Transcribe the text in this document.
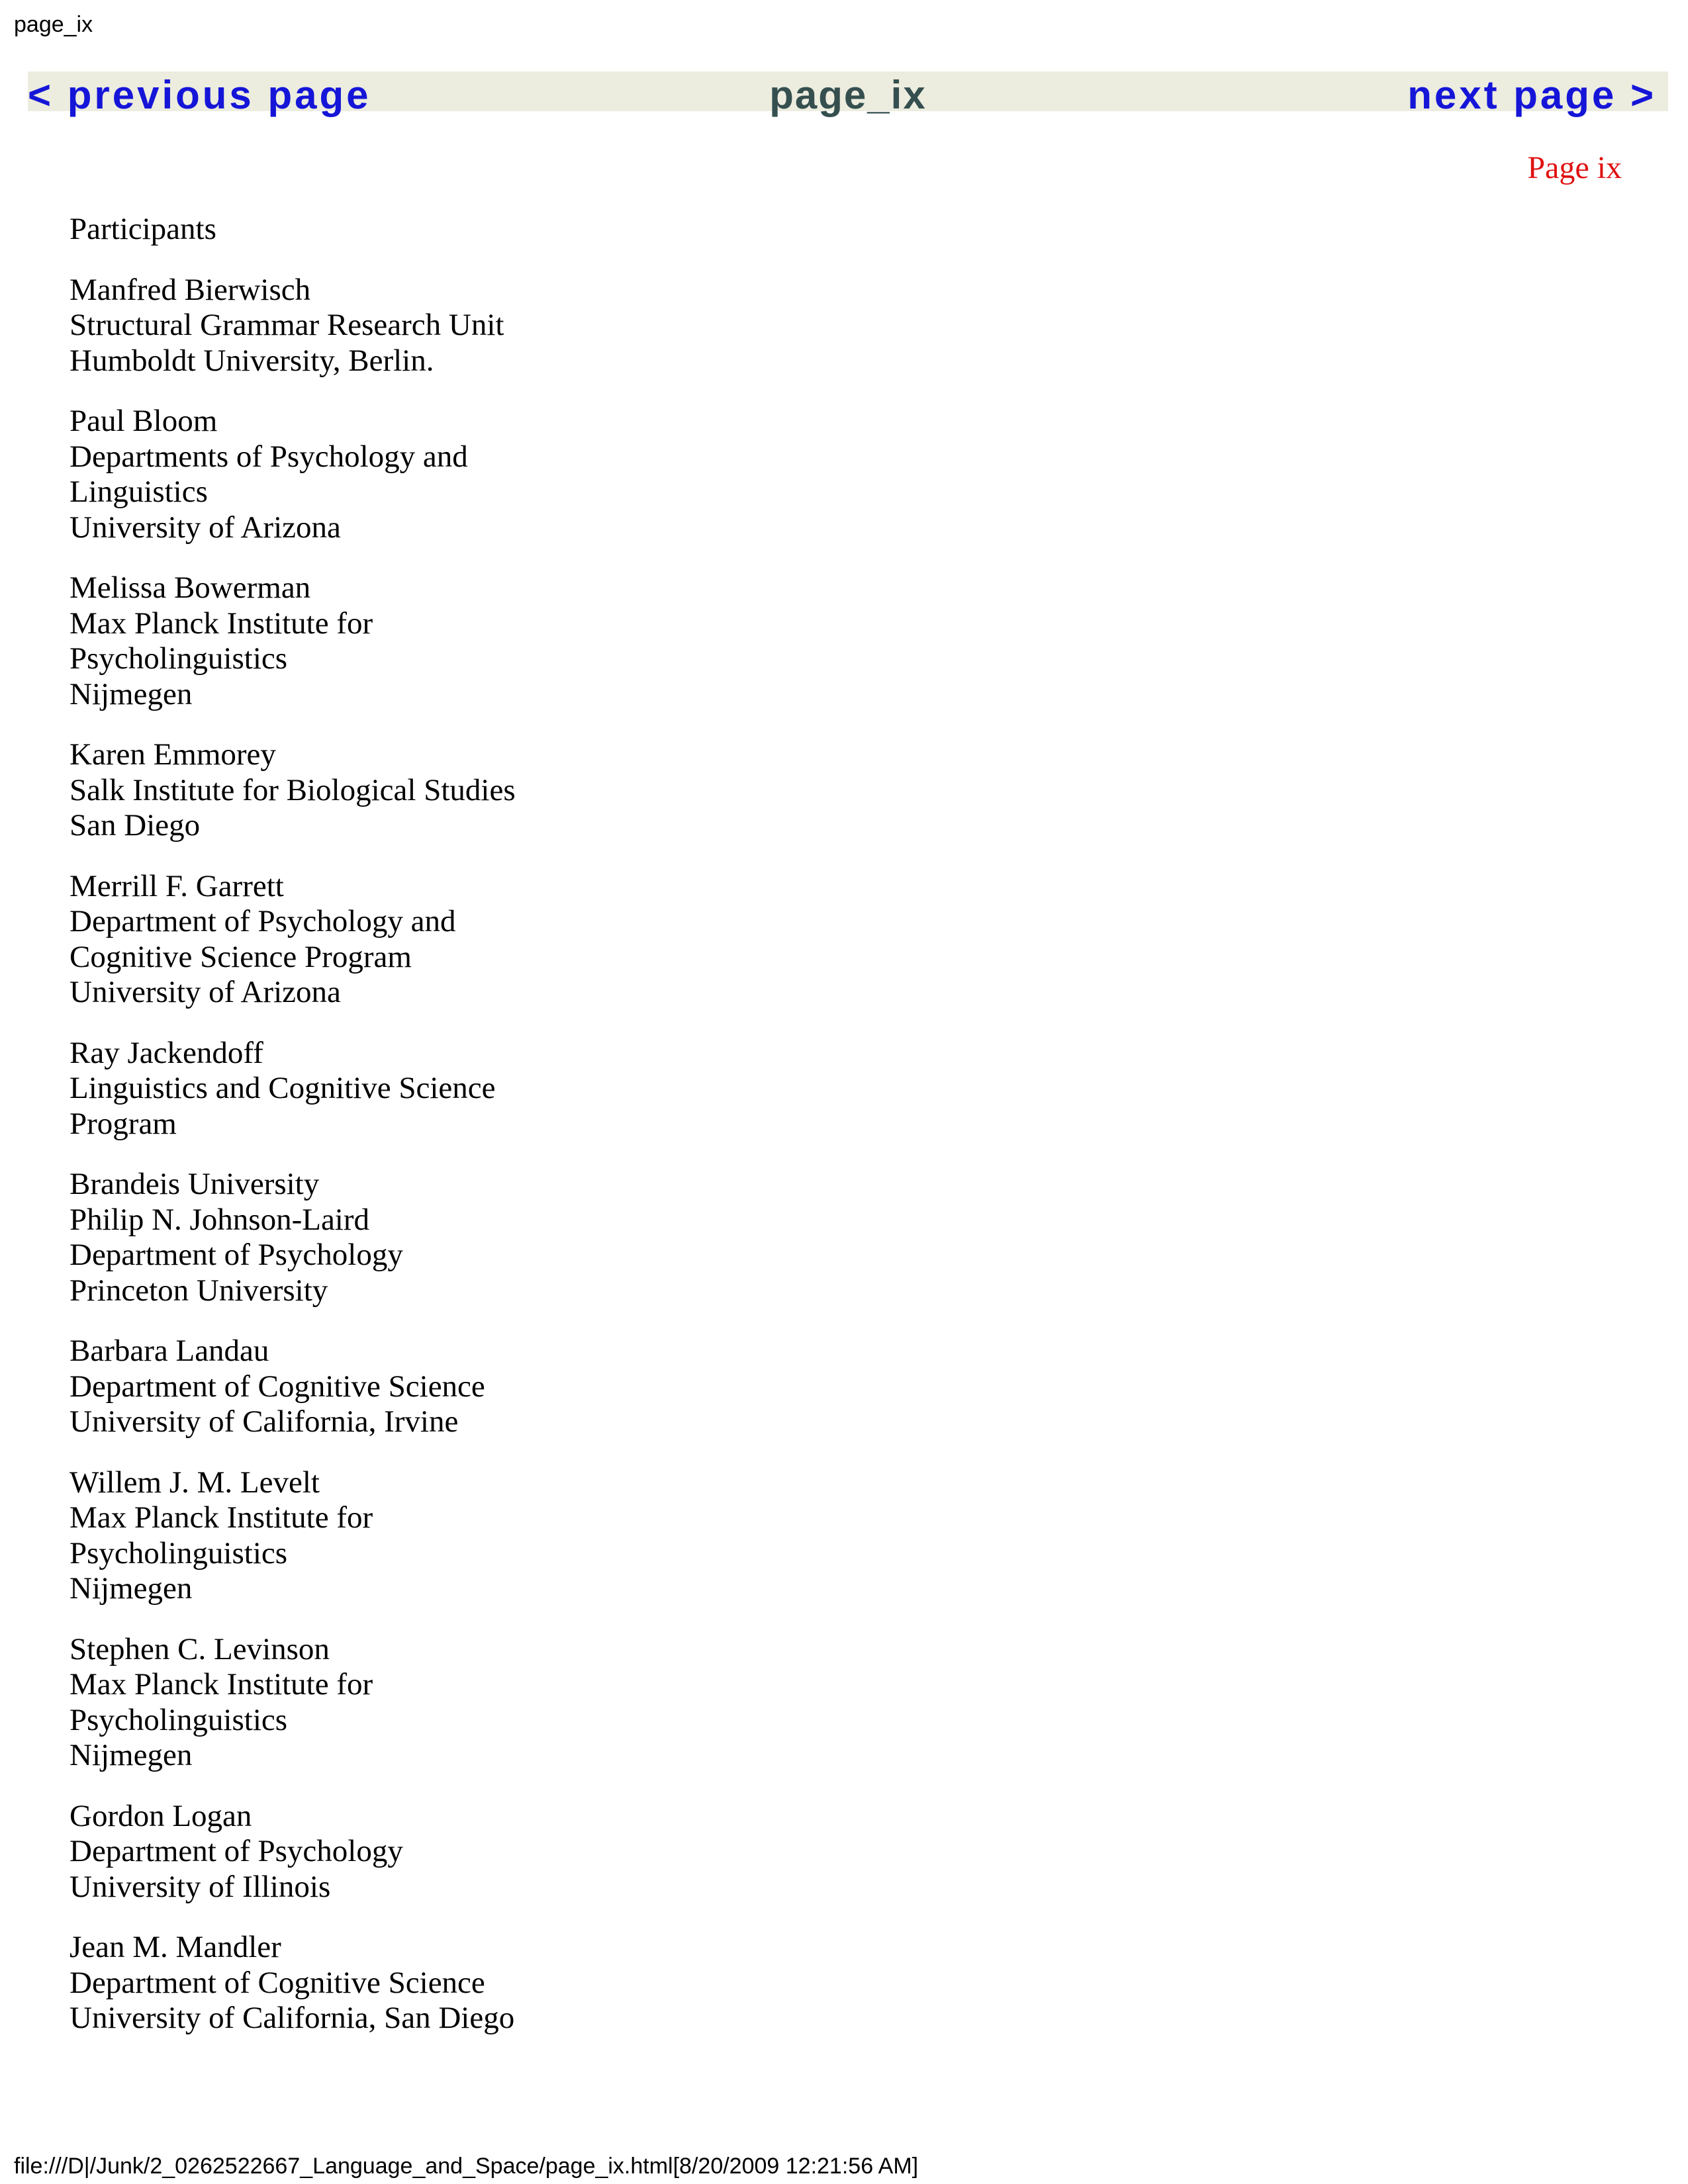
page_ix
< previous page	page_ix	next page >
Page ix
Participants
Manfred Bierwisch
Structural Grammar Research Unit
Humboldt University, Berlin.
Paul Bloom
Departments of Psychology and
Linguistics
University of Arizona
Melissa Bowerman
Max Planck Institute for
Psycholinguistics
Nijmegen
Karen Emmorey
Salk Institute for Biological Studies
San Diego
Merrill F. Garrett
Department of Psychology and
Cognitive Science Program
University of Arizona
Ray Jackendoff
Linguistics and Cognitive Science
Program
Brandeis University
Philip N. Johnson-Laird
Department of Psychology
Princeton University
Barbara Landau
Department of Cognitive Science
University of California, Irvine
Willem J. M. Levelt
Max Planck Institute for
Psycholinguistics
Nijmegen
Stephen C. Levinson
Max Planck Institute for
Psycholinguistics
Nijmegen
Gordon Logan
Department of Psychology
University of Illinois
Jean M. Mandler
Department of Cognitive Science
University of California, San Diego
file:///D|/Junk/2_0262522667_Language_and_Space/page_ix.html[8/20/2009 12:21:56 AM]
